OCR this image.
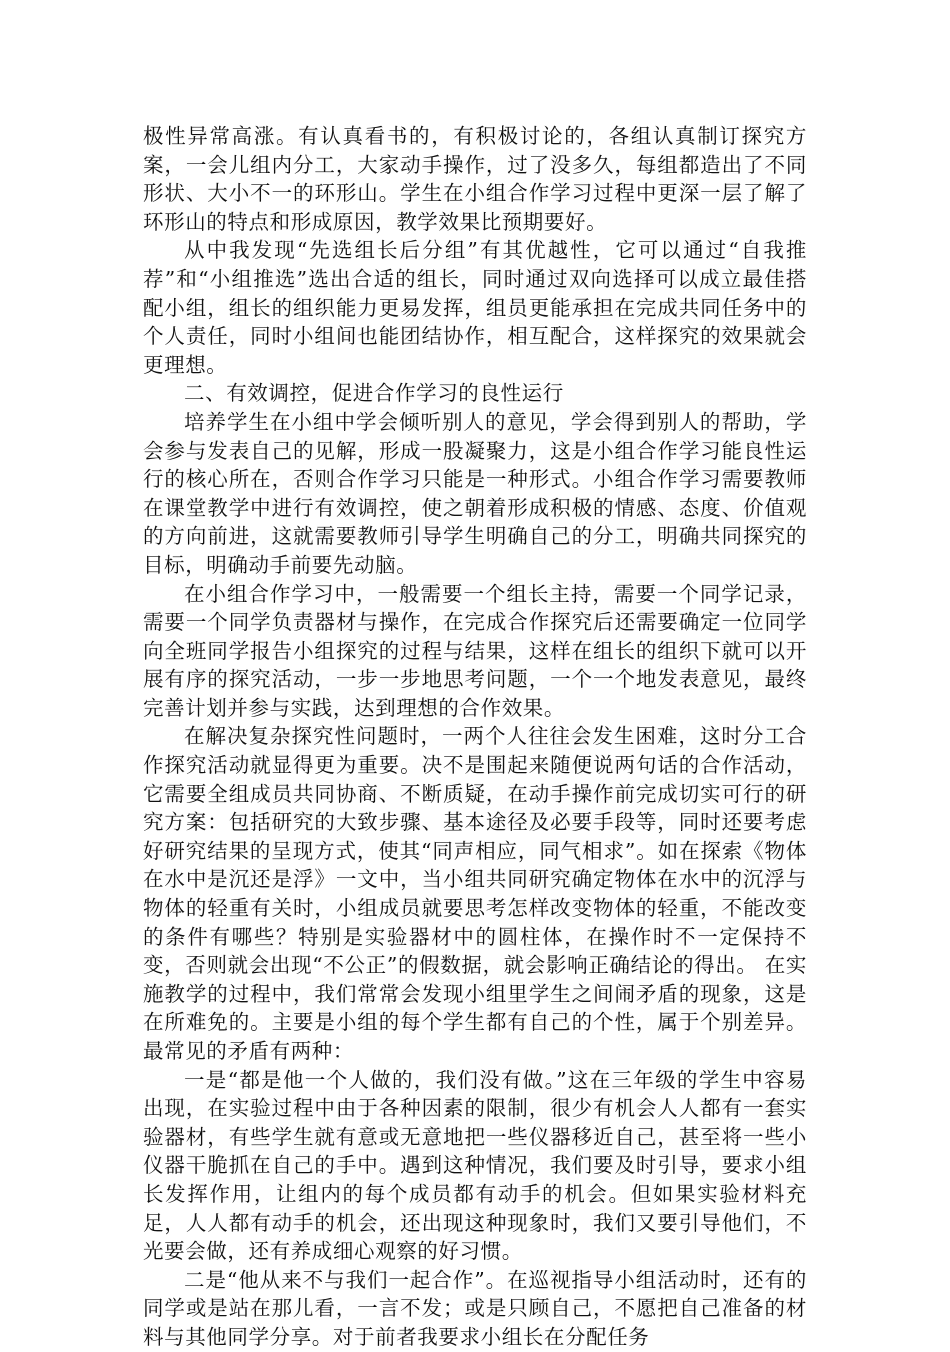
极性异常高涨。有认真看书的，有积极讨论的，各组认真制订探究方案，一会儿组内分工，大家动手操作，过了没多久，每组都造出了不同形状、大小不一的环形山。学生在小组合作学习过程中更深一层了解了环形山的特点和形成原因，教学效果比预期要好。

从中我发现“先选组长后分组”有其优越性，它可以通过“自我推荐”和“小组推选”选出合适的组长，同时通过双向选择可以成立最佳搭配小组，组长的组织能力更易发挥，组员更能承担在完成共同任务中的个人责任，同时小组间也能团结协作，相互配合，这样探究的效果就会更理想。

二、有效调控，促进合作学习的良性运行

培养学生在小组中学会倾听别人的意见，学会得到别人的帮助，学会参与发表自己的见解，形成一股凝聚力，这是小组合作学习能良性运行的核心所在，否则合作学习只能是一种形式。小组合作学习需要教师在课堂教学中进行有效调控，使之朝着形成积极的情感、态度、价值观的方向前进，这就需要教师引导学生明确自己的分工，明确共同探究的目标，明确动手前要先动脑。

在小组合作学习中，一般需要一个组长主持，需要一个同学记录，需要一个同学负责器材与操作，在完成合作探究后还需要确定一位同学向全班同学报告小组探究的过程与结果，这样在组长的组织下就可以开展有序的探究活动，一步一步地思考问题，一个一个地发表意见，最终完善计划并参与实践，达到理想的合作效果。

在解决复杂探究性问题时，一两个人往往会发生困难，这时分工合作探究活动就显得更为重要。决不是围起来随便说两句话的合作活动，它需要全组成员共同协商、不断质疑，在动手操作前完成切实可行的研究方案：包括研究的大致步骤、基本途径及必要手段等，同时还要考虑好研究结果的呈现方式，使其“同声相应，同气相求”。如在探索《物体在水中是沉还是浮》一文中，当小组共同研究确定物体在水中的沉浮与物体的轻重有关时，小组成员就要思考怎样改变物体的轻重，不能改变的条件有哪些？特别是实验器材中的圆柱体，在操作时不一定保持不变，否则就会出现“不公正”的假数据，就会影响正确结论的得出。 在实施教学的过程中，我们常常会发现小组里学生之间闹矛盾的现象，这是在所难免的。主要是小组的每个学生都有自己的个性，属于个别差异。最常见的矛盾有两种：

一是“都是他一个人做的，我们没有做。”这在三年级的学生中容易出现，在实验过程中由于各种因素的限制，很少有机会人人都有一套实验器材，有些学生就有意或无意地把一些仪器移近自己，甚至将一些小仪器干脆抓在自己的手中。遇到这种情况，我们要及时引导，要求小组长发挥作用，让组内的每个成员都有动手的机会。但如果实验材料充足，人人都有动手的机会，还出现这种现象时，我们又要引导他们，不光要会做，还有养成细心观察的好习惯。

二是“他从来不与我们一起合作”。在巡视指导小组活动时，还有的同学或是站在那儿看，一言不发；或是只顾自己，不愿把自己准备的材料与其他同学分享。对于前者我要求小组长在分配任务
